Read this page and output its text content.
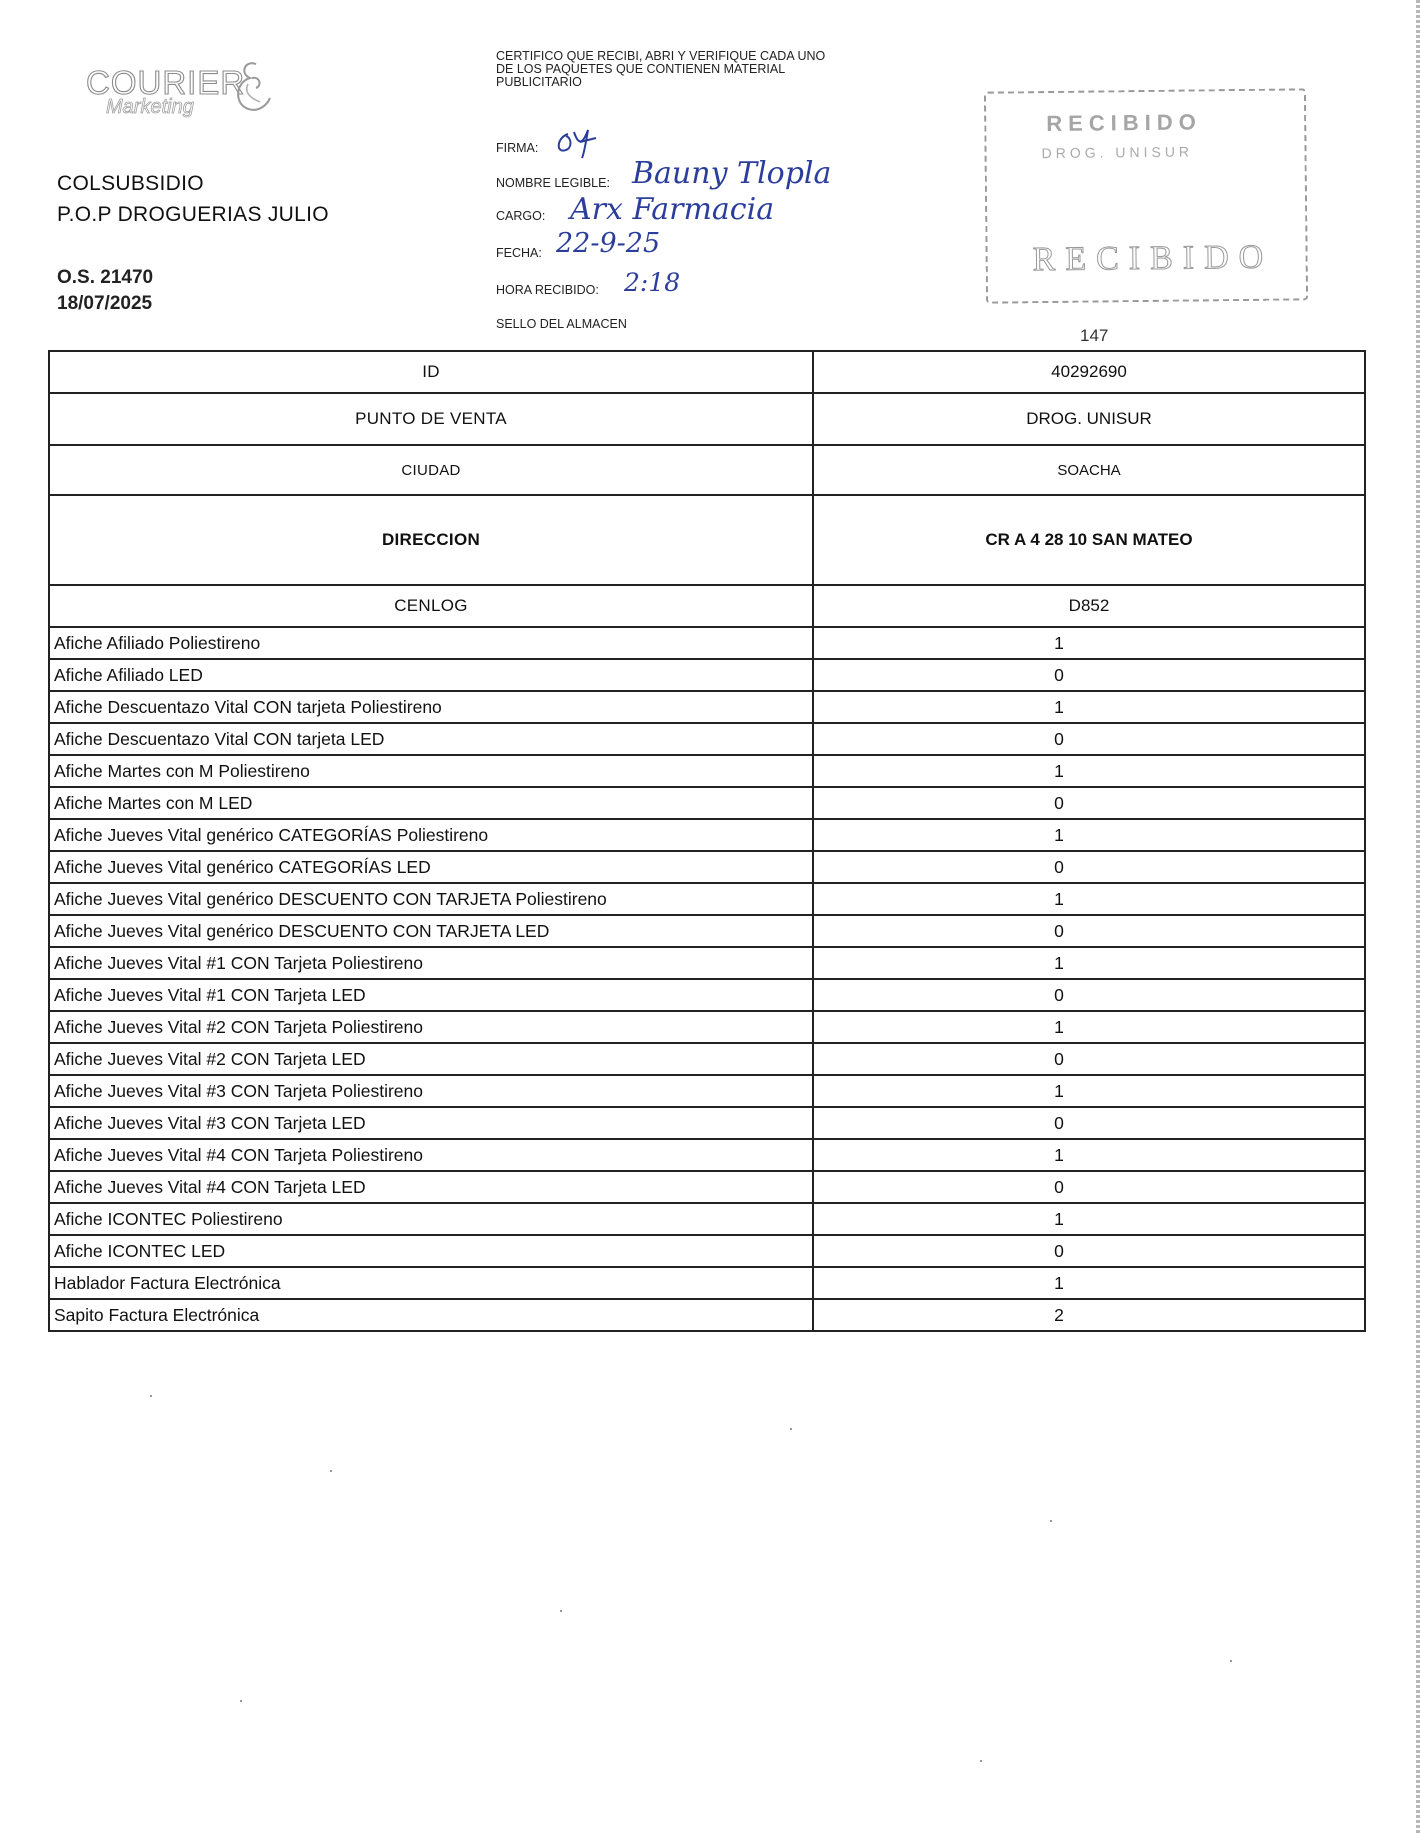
COURIER
Marketing
COLSUBSIDIO
P.O.P DROGUERIAS JULIO
O.S. 21470
18/07/2025
CERTIFICO QUE RECIBI, ABRI Y VERIFIQUE CADA UNO DE LOS PAQUETES QUE CONTIENEN MATERIAL PUBLICITARIO
FIRMA:
NOMBRE LEGIBLE: Bauny Tlopla
CARGO: Arx Farmacia
FECHA: 22-9-25
HORA RECIBIDO: 2:18
SELLO DEL ALMACEN
RECIBIDO
DROG. UNISUR
RECIBIDO
147
ID	40292690
PUNTO DE VENTA	DROG. UNISUR
CIUDAD	SOACHA
DIRECCION	CR A 4 28 10 SAN MATEO
CENLOG	D852
Afiche Afiliado Poliestireno	1
Afiche Afiliado LED	0
Afiche Descuentazo Vital CON tarjeta Poliestireno	1
Afiche Descuentazo Vital CON tarjeta LED	0
Afiche Martes con M Poliestireno	1
Afiche Martes con M LED	0
Afiche Jueves Vital genérico CATEGORÍAS Poliestireno	1
Afiche Jueves Vital genérico CATEGORÍAS LED	0
Afiche Jueves Vital genérico DESCUENTO CON TARJETA Poliestireno	1
Afiche Jueves Vital genérico DESCUENTO CON TARJETA LED	0
Afiche Jueves Vital #1 CON Tarjeta Poliestireno	1
Afiche Jueves Vital #1 CON Tarjeta LED	0
Afiche Jueves Vital #2 CON Tarjeta Poliestireno	1
Afiche Jueves Vital #2 CON Tarjeta LED	0
Afiche Jueves Vital #3 CON Tarjeta Poliestireno	1
Afiche Jueves Vital #3 CON Tarjeta LED	0
Afiche Jueves Vital #4 CON Tarjeta Poliestireno	1
Afiche Jueves Vital #4 CON Tarjeta LED	0
Afiche ICONTEC Poliestireno	1
Afiche ICONTEC LED	0
Hablador Factura Electrónica	1
Sapito Factura Electrónica	2
